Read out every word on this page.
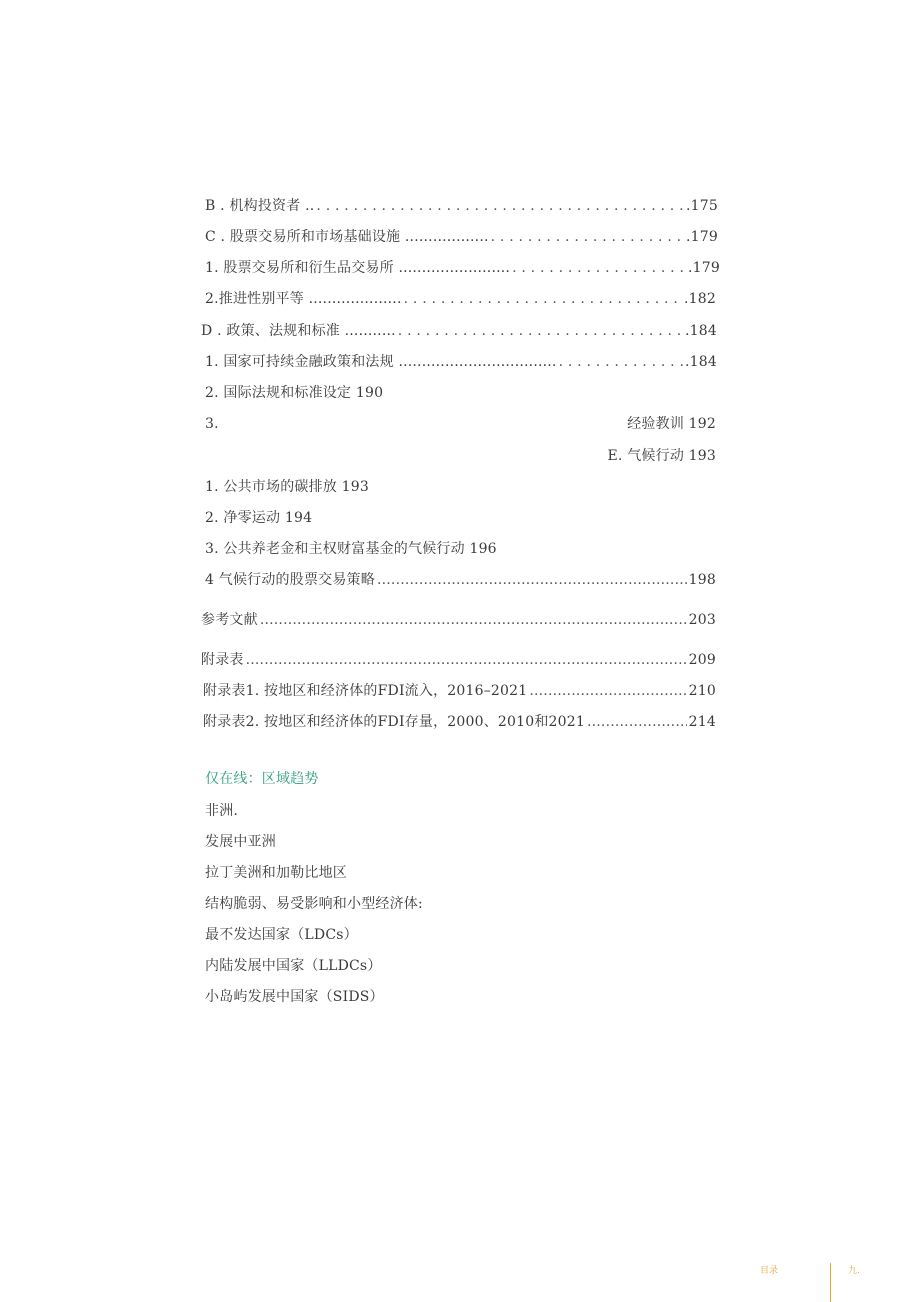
B . 机构投资者 .. . . .	.175
C . 股票交易所和市场基础设施 .................. . . .	.179
1. 股票交易所和衍生品交易所 ........................ . . .	.179
2.推进性别平等 .................... . . .	.182
D . 政策、法规和标准 ........... . . .	.184
1. 国家可持续金融政策和法规 .................................. . . .	.184
2. 国际法规和标准设定 190
3.	经验教训 192
E. 气候行动 193
1. 公共市场的碳排放 193
2. 净零运动 194
3. 公共养老金和主权财富基金的气候行动 196
4 气候行动的股票交易策略 .....	198
参考文献 .....	203
附录表 .....	209
附录表1. 按地区和经济体的FDI流入，2016–2021 .....	210
附录表2. 按地区和经济体的FDI存量，2000、2010和2021 .....	214
仅在线：区域趋势
非洲.
发展中亚洲
拉丁美洲和加勒比地区
结构脆弱、易受影响和小型经济体:
最不发达国家（LDCs）
内陆发展中国家（LLDCs）
小岛屿发展中国家（SIDS）
目录	九.
